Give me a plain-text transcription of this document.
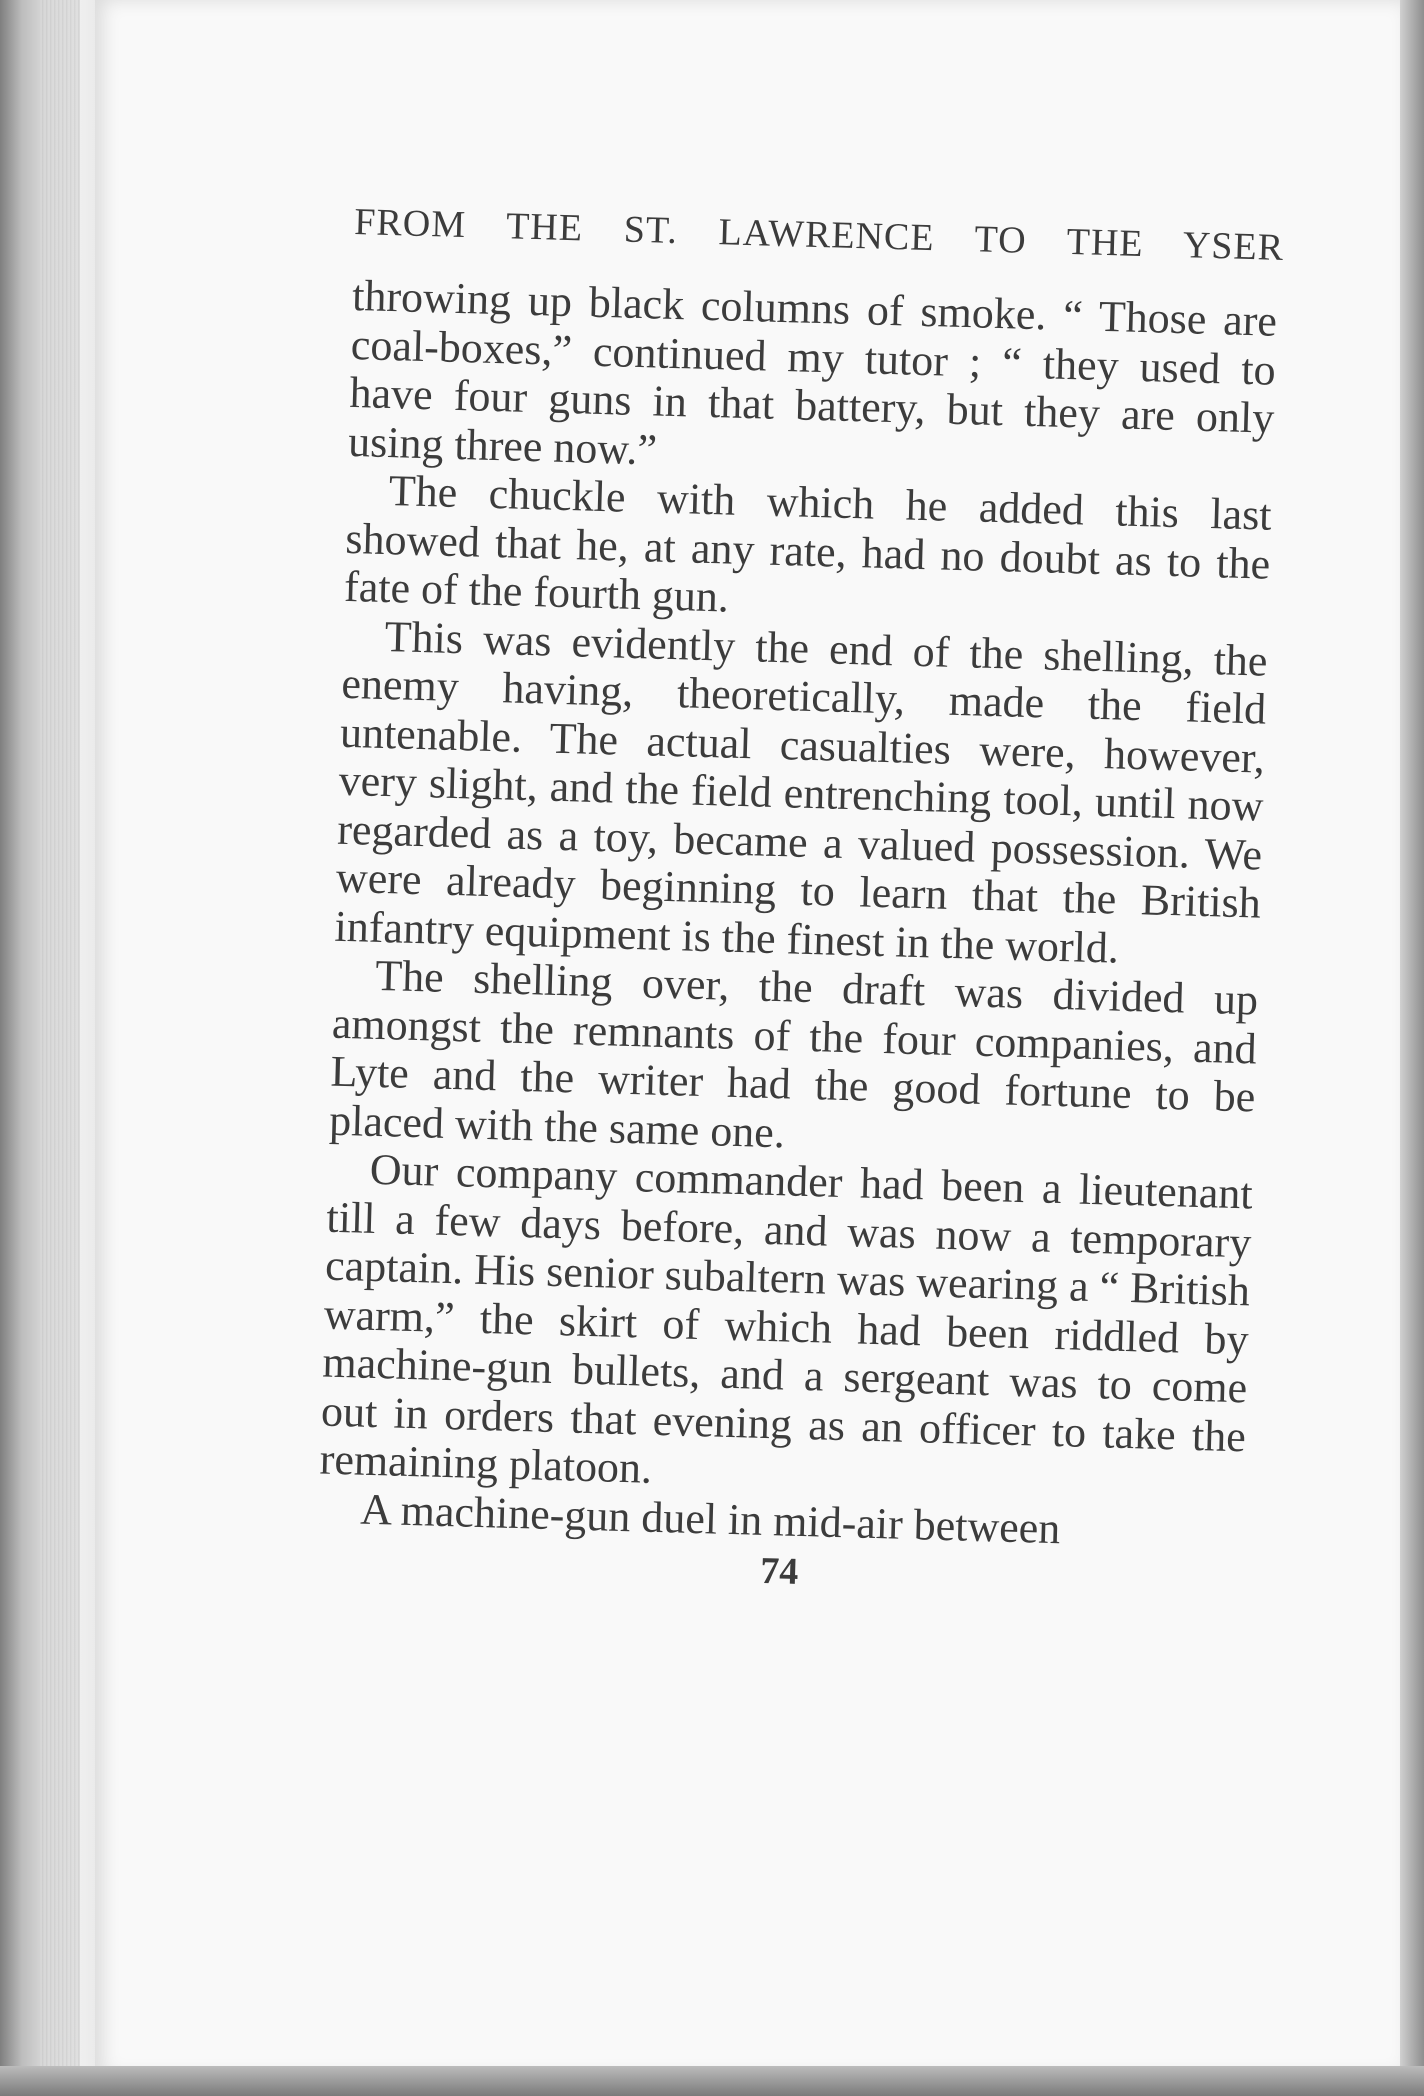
FROM THE ST. LAWRENCE TO THE YSER

throwing up black columns of smoke. “ Those are coal-boxes,” continued my tutor ; “ they used to have four guns in that battery, but they are only using three now.”

The chuckle with which he added this last showed that he, at any rate, had no doubt as to the fate of the fourth gun.

This was evidently the end of the shelling, the enemy having, theoretically, made the field untenable. The actual casualties were, however, very slight, and the field entrenching tool, until now regarded as a toy, became a valued possession. We were already beginning to learn that the British infantry equipment is the finest in the world.

The shelling over, the draft was divided up amongst the remnants of the four companies, and Lyte and the writer had the good fortune to be placed with the same one.

Our company commander had been a lieutenant till a few days before, and was now a temporary captain. His senior subaltern was wearing a “ British warm,” the skirt of which had been riddled by machine-gun bullets, and a sergeant was to come out in orders that evening as an officer to take the remaining platoon.

A machine-gun duel in mid-air between

74
